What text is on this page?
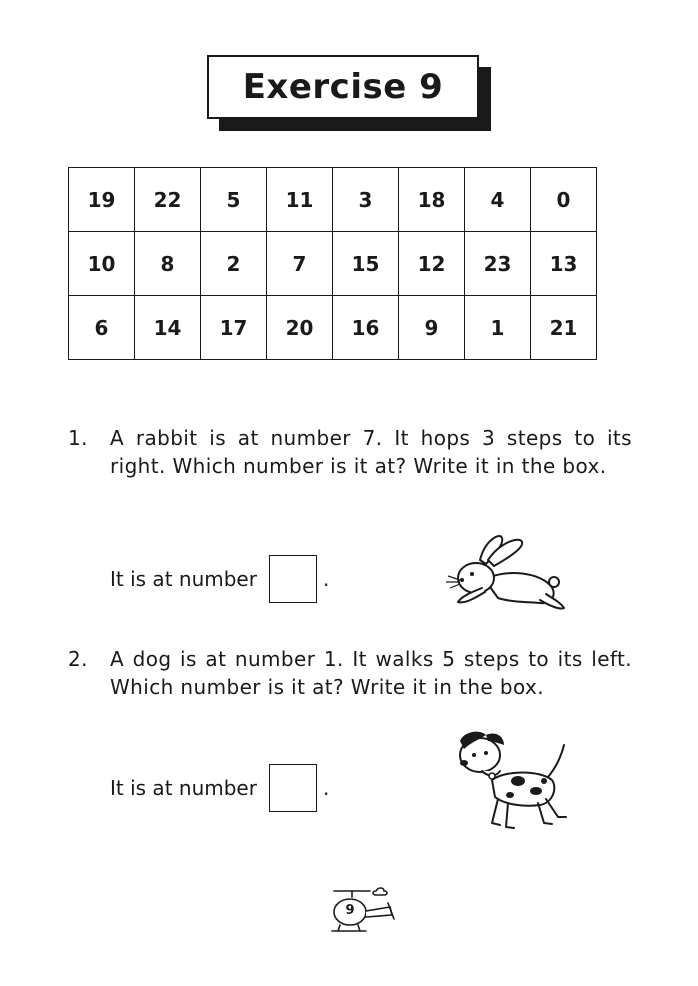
Exercise 9
19	22	5	11	3	18	4	0
10	8	2	7	15	12	23	13
6	14	17	20	16	9	1	21
1. A rabbit is at number 7. It hops 3 steps to its right. Which number is it at? Write it in the box.
It is at number	.
2. A dog is at number 1. It walks 5 steps to its left. Which number is it at? Write it in the box.
It is at number	.
9
